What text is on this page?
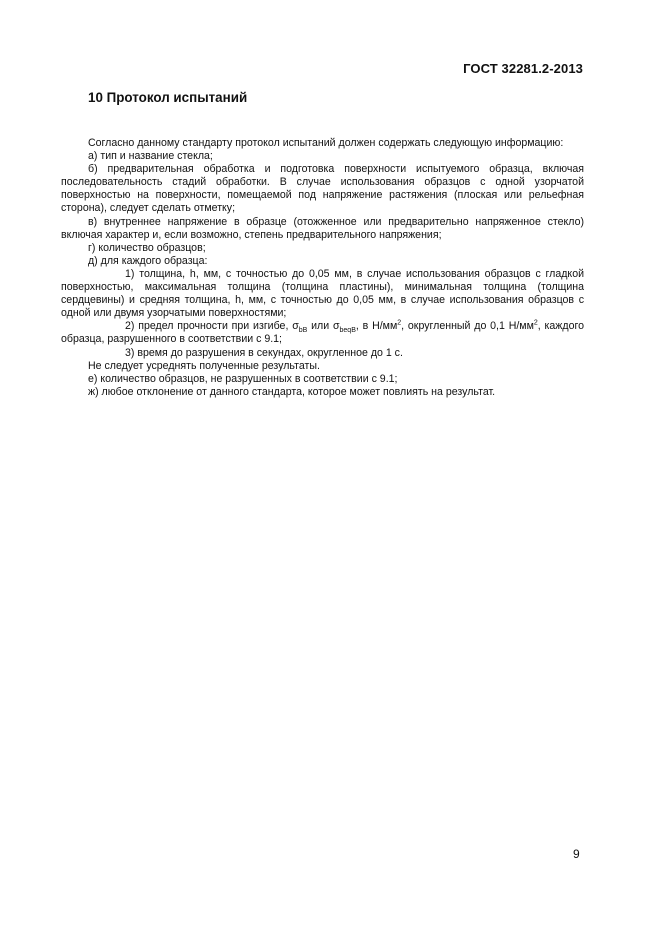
ГОСТ 32281.2-2013
10 Протокол испытаний

Согласно данному стандарту протокол испытаний должен содержать следующую информацию:

а) тип и название стекла;

б) предварительная обработка и подготовка поверхности испытуемого образца, включая последовательность стадий обработки. В случае использования образцов с одной узорчатой поверхностью на поверхности, помещаемой под напряжение растяжения (плоская или рельефная сторона), следует сделать отметку;

в) внутреннее напряжение в образце (отожженное или предварительно напряженное стекло) включая характер и, если возможно, степень предварительного напряжения;

г) количество образцов;

д) для каждого образца:

1) толщина, h, мм, с точностью до 0,05 мм, в случае использования образцов с гладкой поверхностью, максимальная толщина (толщина пластины), минимальная толщина (толщина сердцевины) и средняя толщина, h, мм, с точностью до 0,05 мм, в случае использования образцов с одной или двумя узорчатыми поверхностями;

2) предел прочности при изгибе, $\sigma_{bB}$ или $\sigma_{beqB}$, в $Н/мм^2$, округленный до 0,1 $Н/мм^2$, каждого образца, разрушенного в соответствии с 9.1;

3) время до разрушения в секундах, округленное до 1 с.

Не следует усреднять полученные результаты.

е) количество образцов, не разрушенных в соответствии с 9.1;

ж) любое отклонение от данного стандарта, которое может повлиять на результат.

9
